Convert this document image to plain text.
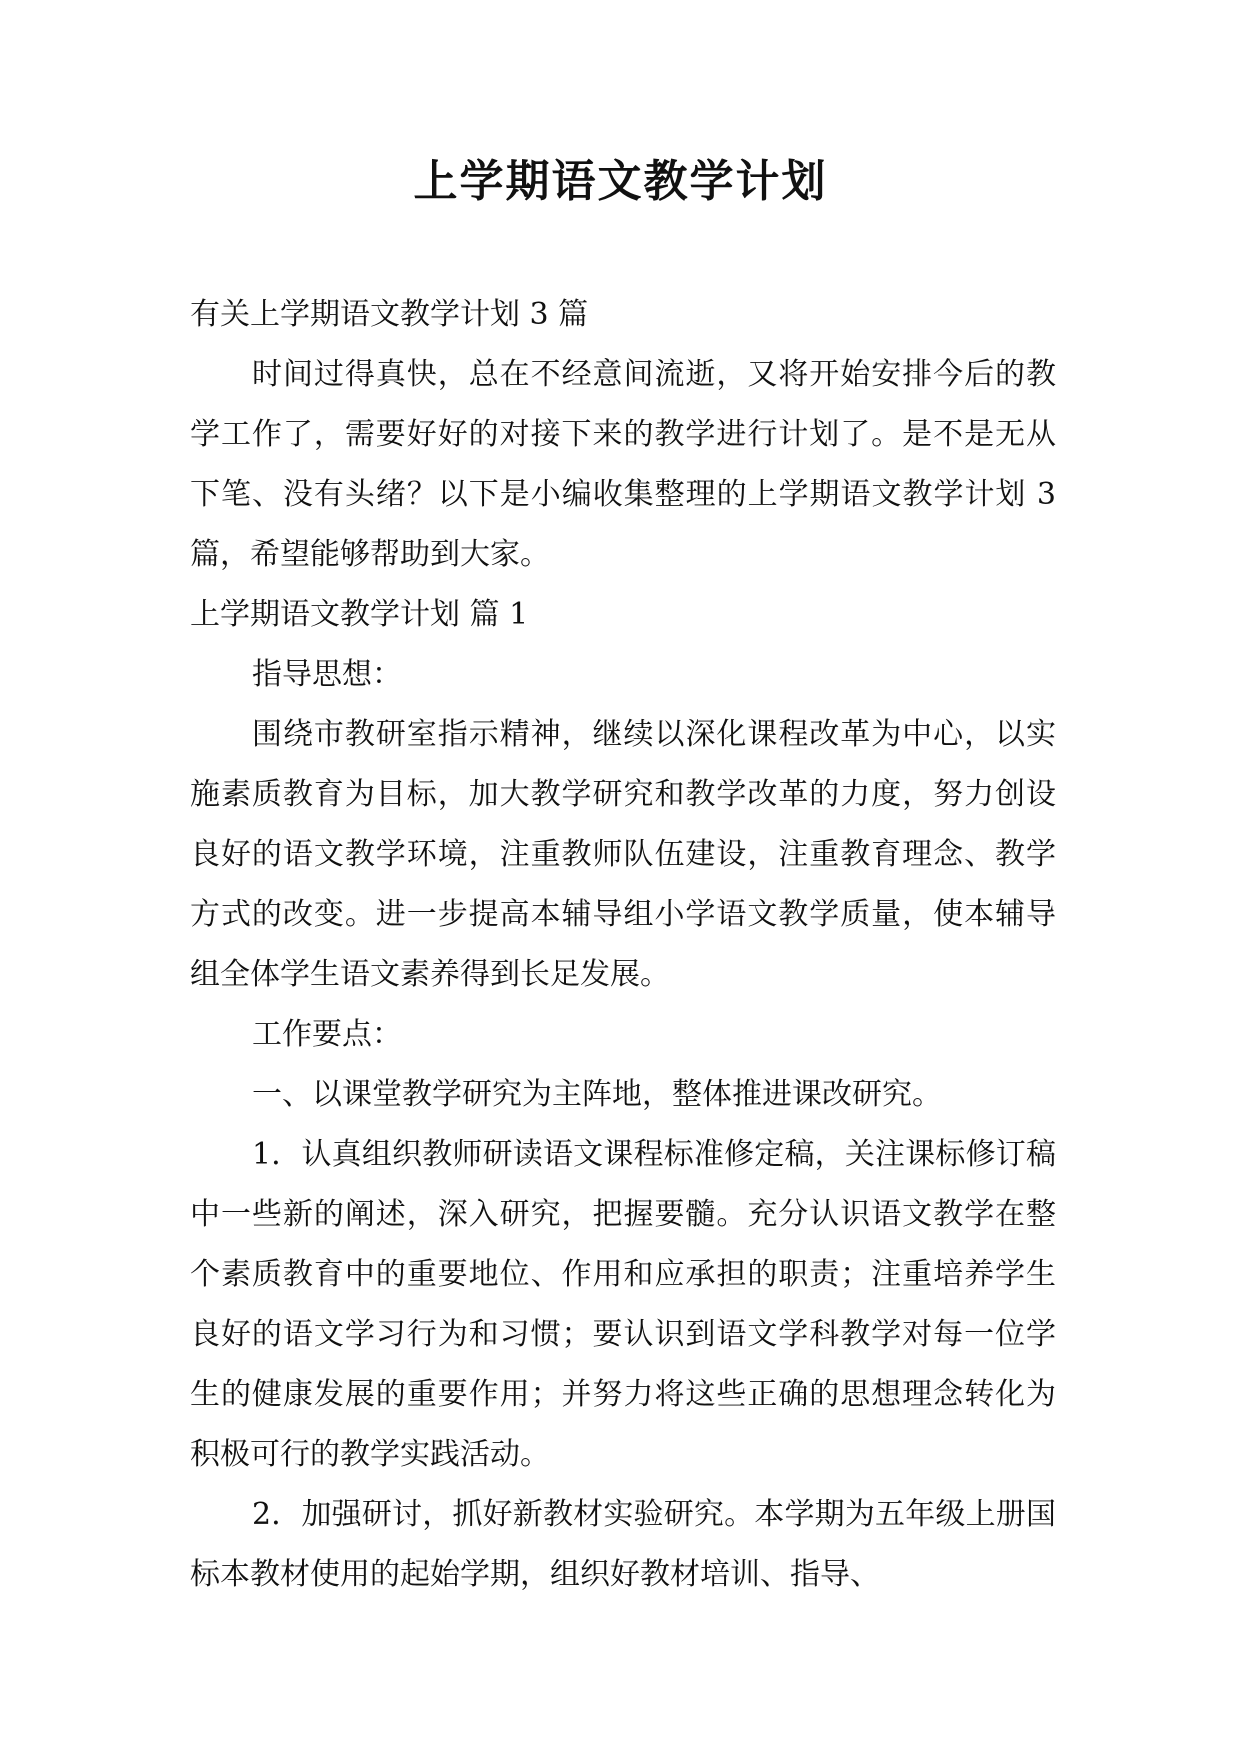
上学期语文教学计划

有关上学期语文教学计划 3 篇

时间过得真快，总在不经意间流逝，又将开始安排今后的教学工作了，需要好好的对接下来的教学进行计划了。是不是无从下笔、没有头绪？以下是小编收集整理的上学期语文教学计划 3 篇，希望能够帮助到大家。

上学期语文教学计划 篇 1

指导思想：

围绕市教研室指示精神，继续以深化课程改革为中心，以实施素质教育为目标，加大教学研究和教学改革的力度，努力创设良好的语文教学环境，注重教师队伍建设，注重教育理念、教学方式的改变。进一步提高本辅导组小学语文教学质量，使本辅导组全体学生语文素养得到长足发展。

工作要点：

一、以课堂教学研究为主阵地，整体推进课改研究。

1．认真组织教师研读语文课程标准修定稿，关注课标修订稿中一些新的阐述，深入研究，把握要髓。充分认识语文教学在整个素质教育中的重要地位、作用和应承担的职责；注重培养学生良好的语文学习行为和习惯；要认识到语文学科教学对每一位学生的健康发展的重要作用；并努力将这些正确的思想理念转化为积极可行的教学实践活动。

2．加强研讨，抓好新教材实验研究。本学期为五年级上册国标本教材使用的起始学期，组织好教材培训、指导、
